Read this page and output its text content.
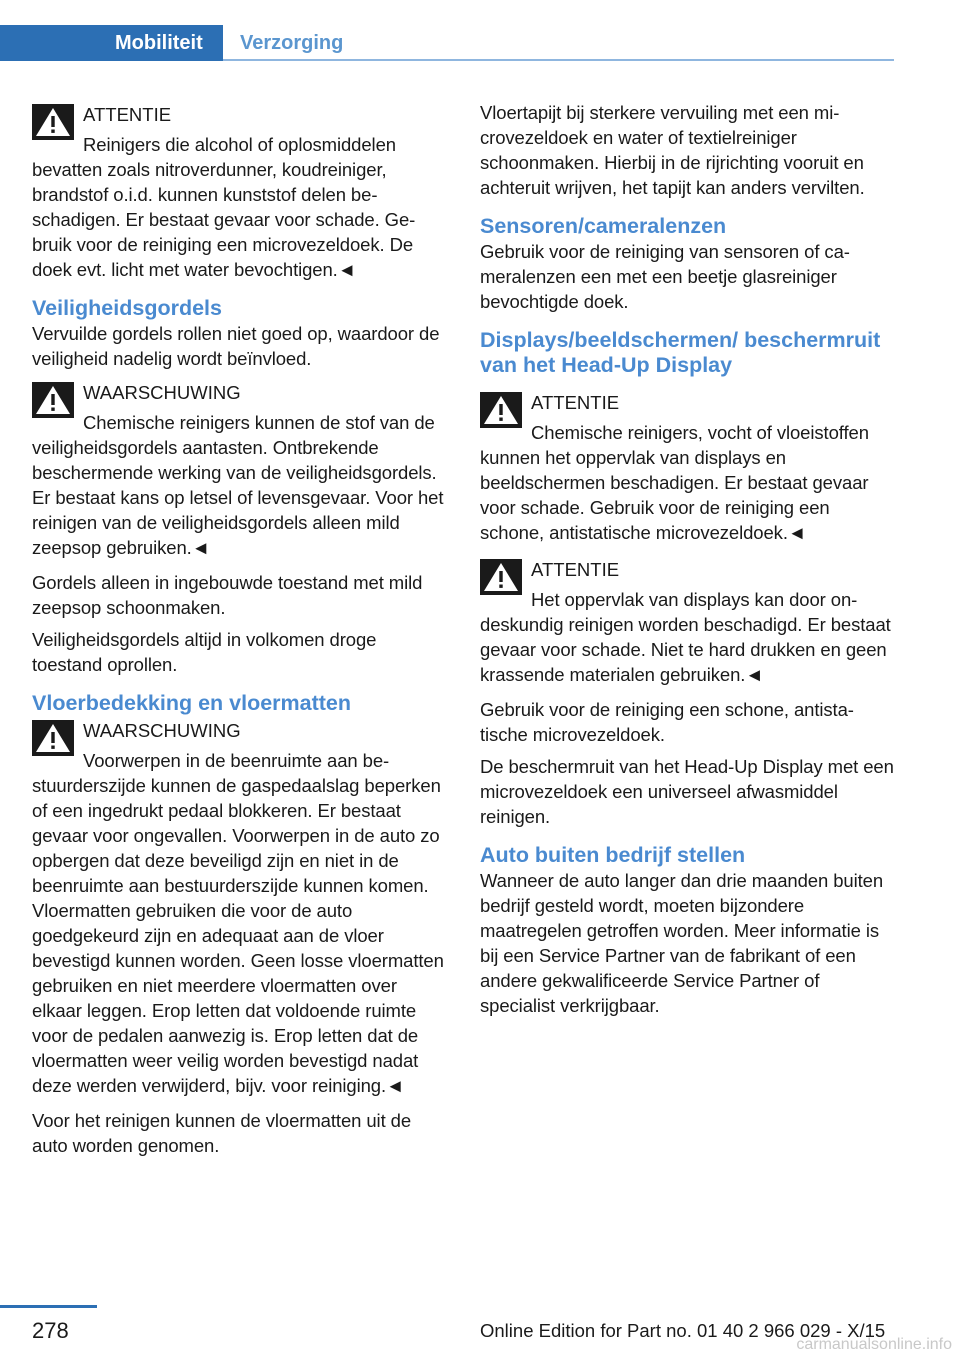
Mobiliteit	Verzorging
ATTENTIE

Reinigers die alcohol of oplosmiddelen bevatten zoals nitroverdunner, koudreiniger, brandstof o.i.d. kunnen kunststof delen beschadigen. Er bestaat gevaar voor schade. Gebruik voor de reiniging een microvezeldoek. De doek evt. licht met water bevochtigen.◄

Veiligheidsgordels

Vervuilde gordels rollen niet goed op, waardoor de veiligheid nadelig wordt beïnvloed.

WAARSCHUWING

Chemische reinigers kunnen de stof van de veiligheidsgordels aantasten. Ontbrekende beschermende werking van de veiligheidsgordels. Er bestaat kans op letsel of levensgevaar. Voor het reinigen van de veiligheidsgordels alleen mild zeepsop gebruiken.◄

Gordels alleen in ingebouwde toestand met mild zeepsop schoonmaken.

Veiligheidsgordels altijd in volkomen droge toestand oprollen.

Vloerbedekking en vloermatten
WAARSCHUWING

Voorwerpen in de beenruimte aan bestuurderszijde kunnen de gaspedaalslag beperken of een ingedrukt pedaal blokkeren. Er bestaat gevaar voor ongevallen. Voorwerpen in de auto zo opbergen dat deze beveiligd zijn en niet in de beenruimte aan bestuurderszijde kunnen komen. Vloermatten gebruiken die voor de auto goedgekeurd zijn en adequaat aan de vloer bevestigd kunnen worden. Geen losse vloermatten gebruiken en niet meerdere vloermatten over elkaar leggen. Erop letten dat voldoende ruimte voor de pedalen aanwezig is. Erop letten dat de vloermatten weer veilig worden bevestigd nadat deze werden verwijderd, bijv. voor reiniging.◄

Voor het reinigen kunnen de vloermatten uit de auto worden genomen.

Vloertapijt bij sterkere vervuiling met een microvezeldoek en water of textielreiniger schoonmaken. Hierbij in de rijrichting vooruit en achteruit wrijven, het tapijt kan anders vervilten.

Sensoren/cameralenzen

Gebruik voor de reiniging van sensoren of cameralenzen een met een beetje glasreiniger bevochtigde doek.

Displays/beeldschermen/ beschermruit van het Head-Up Display
ATTENTIE

Chemische reinigers, vocht of vloeistoffen kunnen het oppervlak van displays en beeldschermen beschadigen. Er bestaat gevaar voor schade. Gebruik voor de reiniging een schone, antistatische microvezeldoek.◄

ATTENTIE

Het oppervlak van displays kan door ondeskundig reinigen worden beschadigd. Er bestaat gevaar voor schade. Niet te hard drukken en geen krassende materialen gebruiken.◄

Gebruik voor de reiniging een schone, antistatische microvezeldoek.

De beschermruit van het Head-Up Display met een microvezeldoek een universeel afwasmiddel reinigen.

Auto buiten bedrijf stellen

Wanneer de auto langer dan drie maanden buiten bedrijf gesteld wordt, moeten bijzondere maatregelen getroffen worden. Meer informatie is bij een Service Partner van de fabrikant of een andere gekwalificeerde Service Partner of specialist verkrijgbaar.

278	Online Edition for Part no. 01 40 2 966 029 - X/15
carmanualsonline.info
